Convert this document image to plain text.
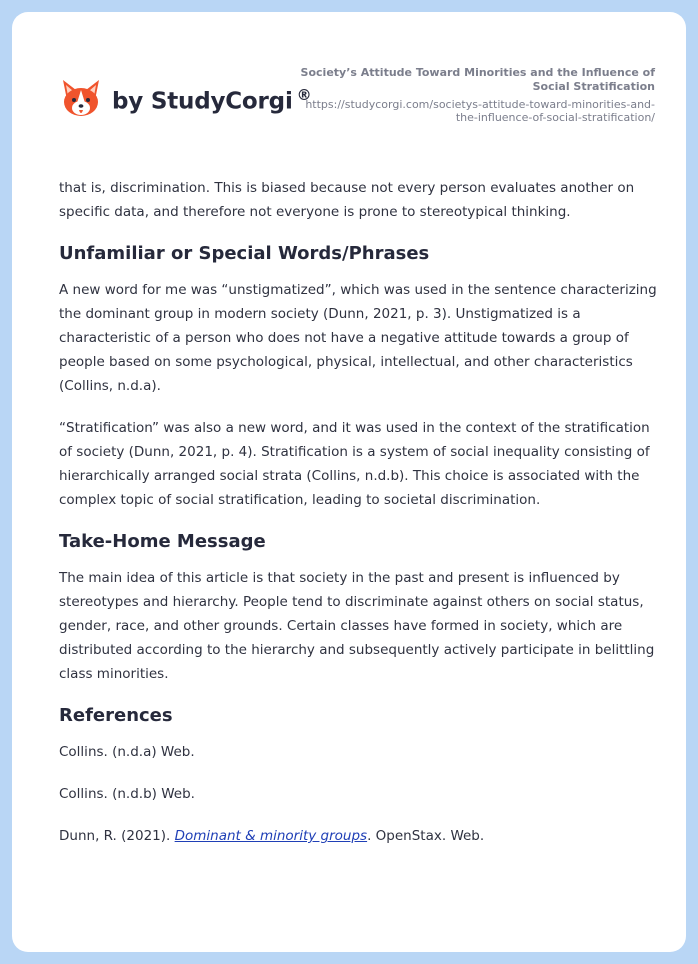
by StudyCorgi ®
Society’s Attitude Toward Minorities and the Influence of Social Stratification
https://studycorgi.com/societys-attitude-toward-minorities-and-the-influence-of-social-stratification/

that is, discrimination. This is biased because not every person evaluates another on specific data, and therefore not everyone is prone to stereotypical thinking.

Unfamiliar or Special Words/Phrases

A new word for me was “unstigmatized”, which was used in the sentence characterizing the dominant group in modern society (Dunn, 2021, p. 3). Unstigmatized is a characteristic of a person who does not have a negative attitude towards a group of people based on some psychological, physical, intellectual, and other characteristics (Collins, n.d.a).

“Stratification” was also a new word, and it was used in the context of the stratification of society (Dunn, 2021, p. 4). Stratification is a system of social inequality consisting of hierarchically arranged social strata (Collins, n.d.b). This choice is associated with the complex topic of social stratification, leading to societal discrimination.

Take-Home Message

The main idea of this article is that society in the past and present is influenced by stereotypes and hierarchy. People tend to discriminate against others on social status, gender, race, and other grounds. Certain classes have formed in society, which are distributed according to the hierarchy and subsequently actively participate in belittling class minorities.

References

Collins. (n.d.a) Web.

Collins. (n.d.b) Web.

Dunn, R. (2021). Dominant & minority groups. OpenStax. Web.
